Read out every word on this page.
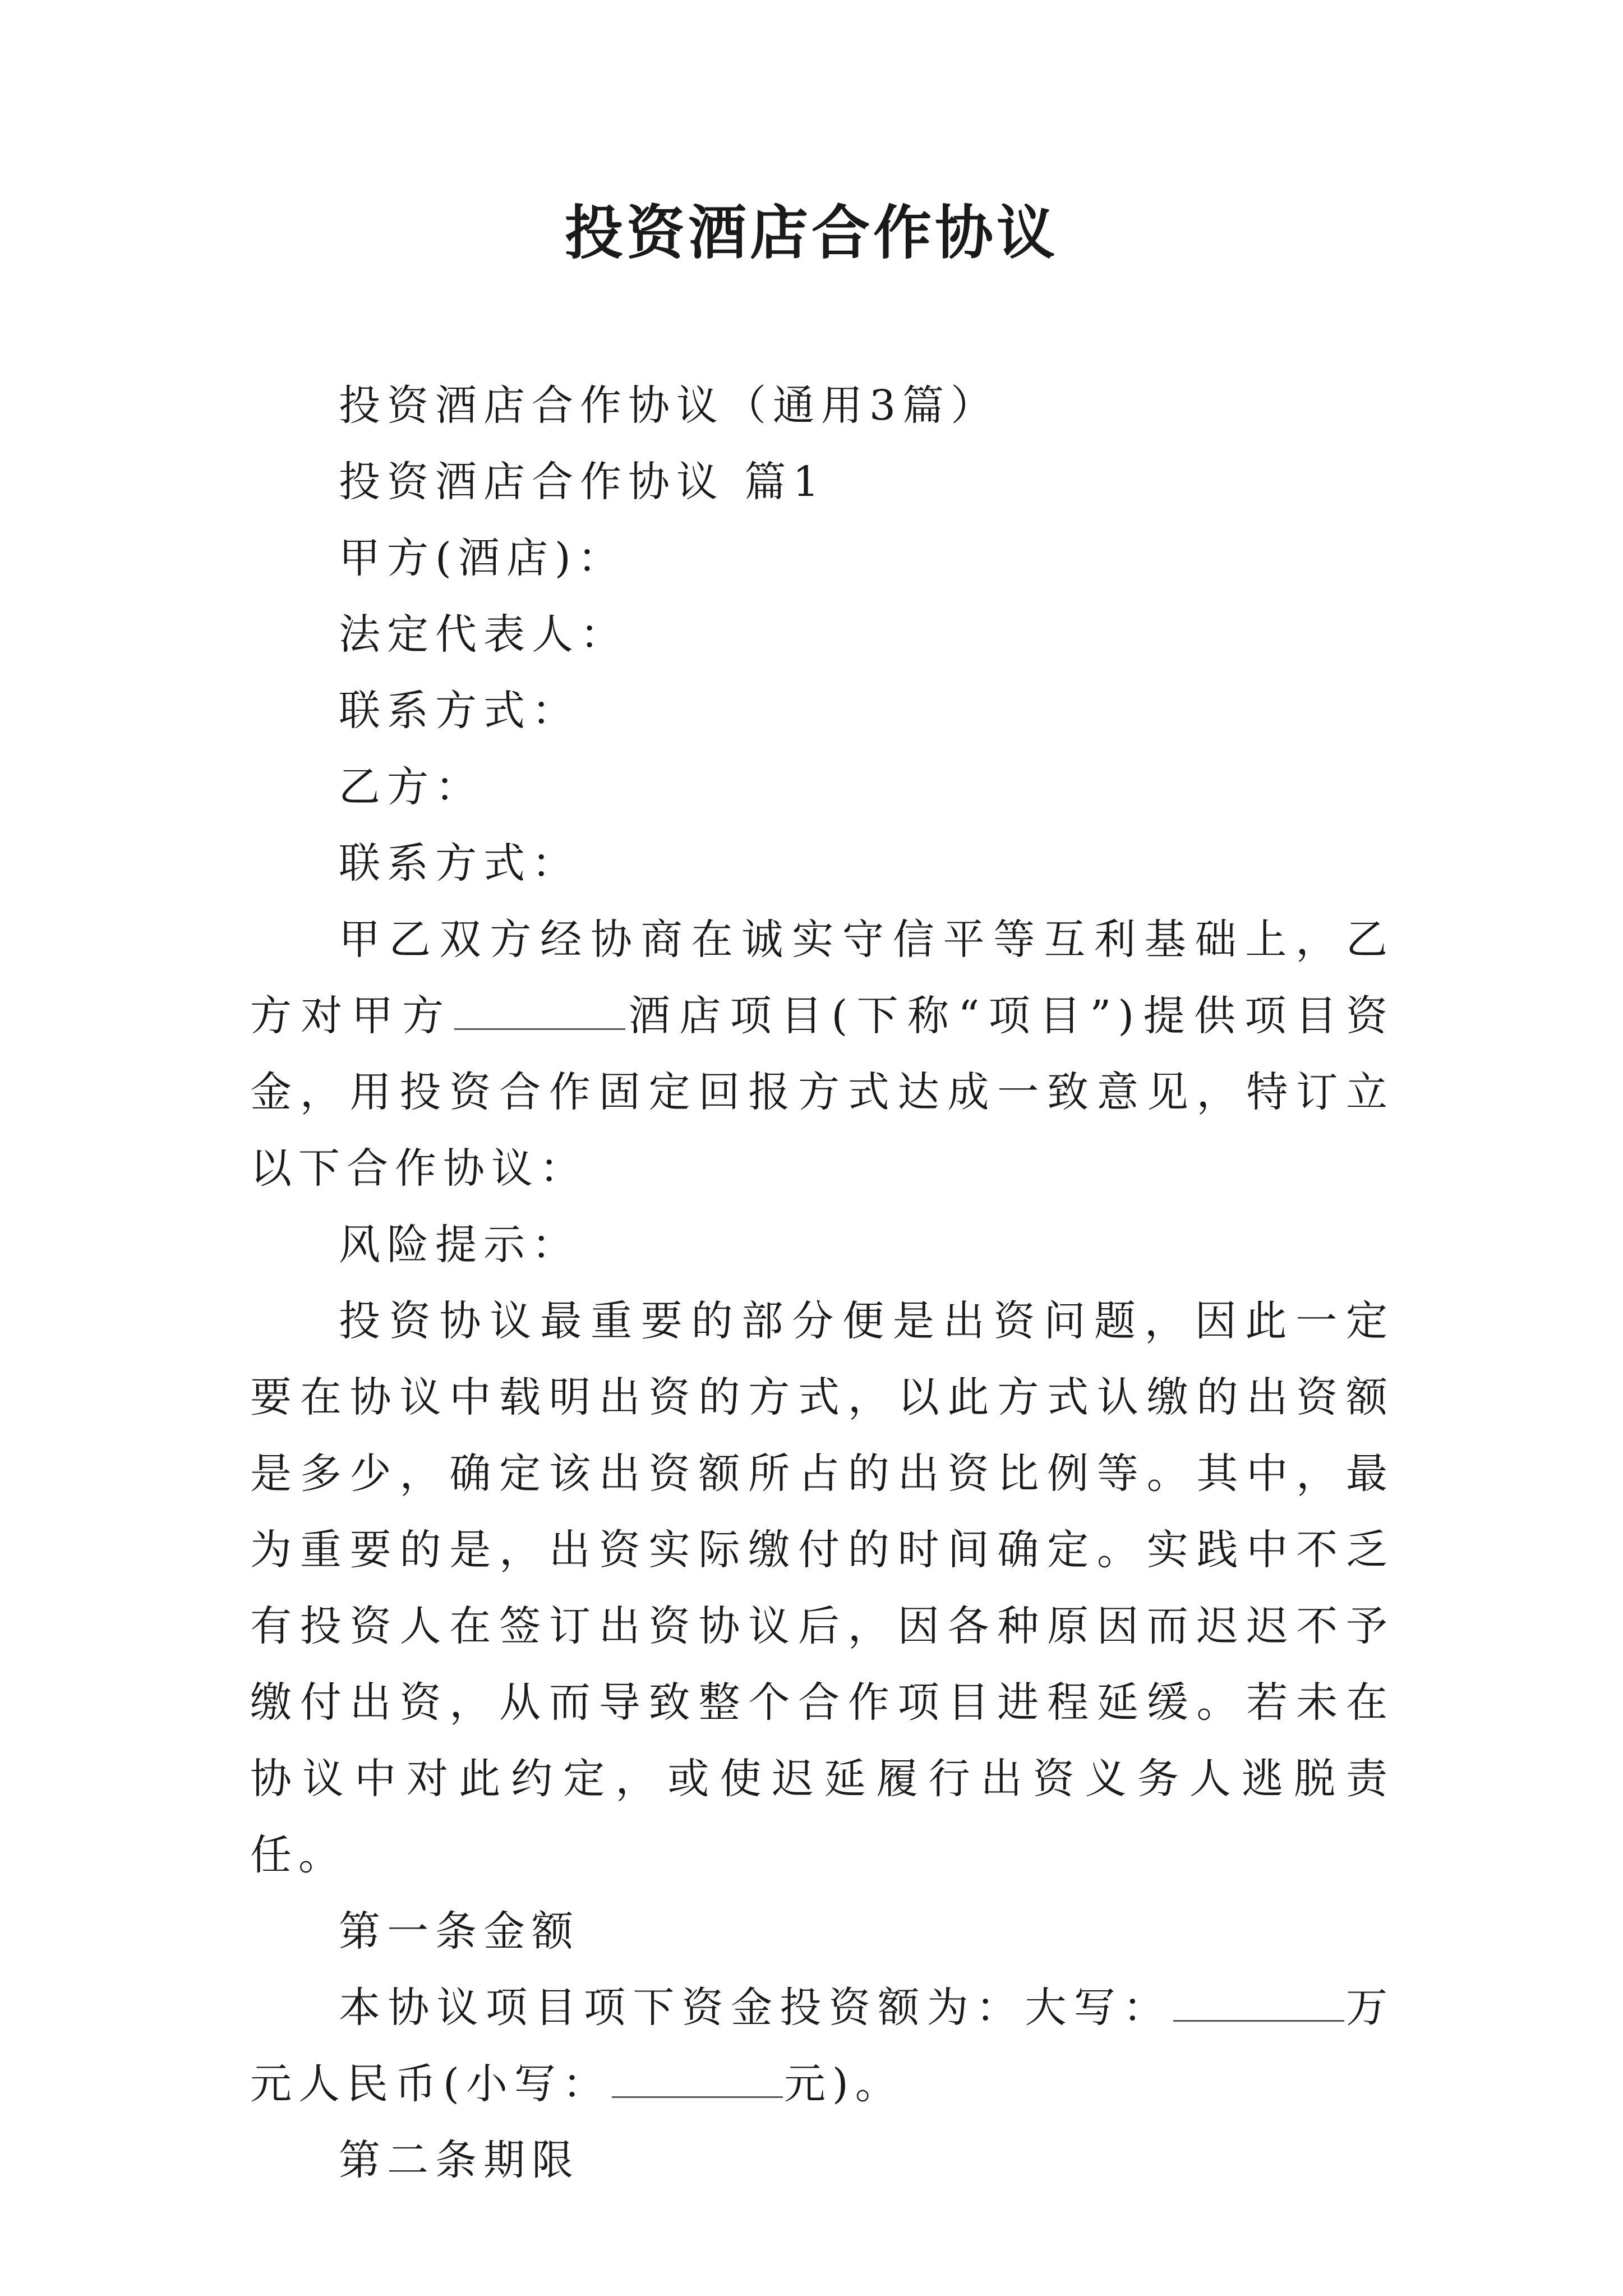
投资酒店合作协议

投资酒店合作协议（通用3篇）

投资酒店合作协议 篇1

甲方(酒店)：

法定代表人：

联系方式：

乙方：

联系方式：

甲乙双方经协商在诚实守信平等互利基础上，乙方对甲方	酒店项目(下称“项目”)提供项目资金，用投资合作固定回报方式达成一致意见，特订立以下合作协议：

风险提示：

投资协议最重要的部分便是出资问题，因此一定要在协议中载明出资的方式，以此方式认缴的出资额是多少，确定该出资额所占的出资比例等。其中，最为重要的是，出资实际缴付的时间确定。实践中不乏有投资人在签订出资协议后，因各种原因而迟迟不予缴付出资，从而导致整个合作项目进程延缓。若未在协议中对此约定，或使迟延履行出资义务人逃脱责任。

第一条金额

本协议项目项下资金投资额为：大写：	万元人民币(小写：	元)。

第二条期限
